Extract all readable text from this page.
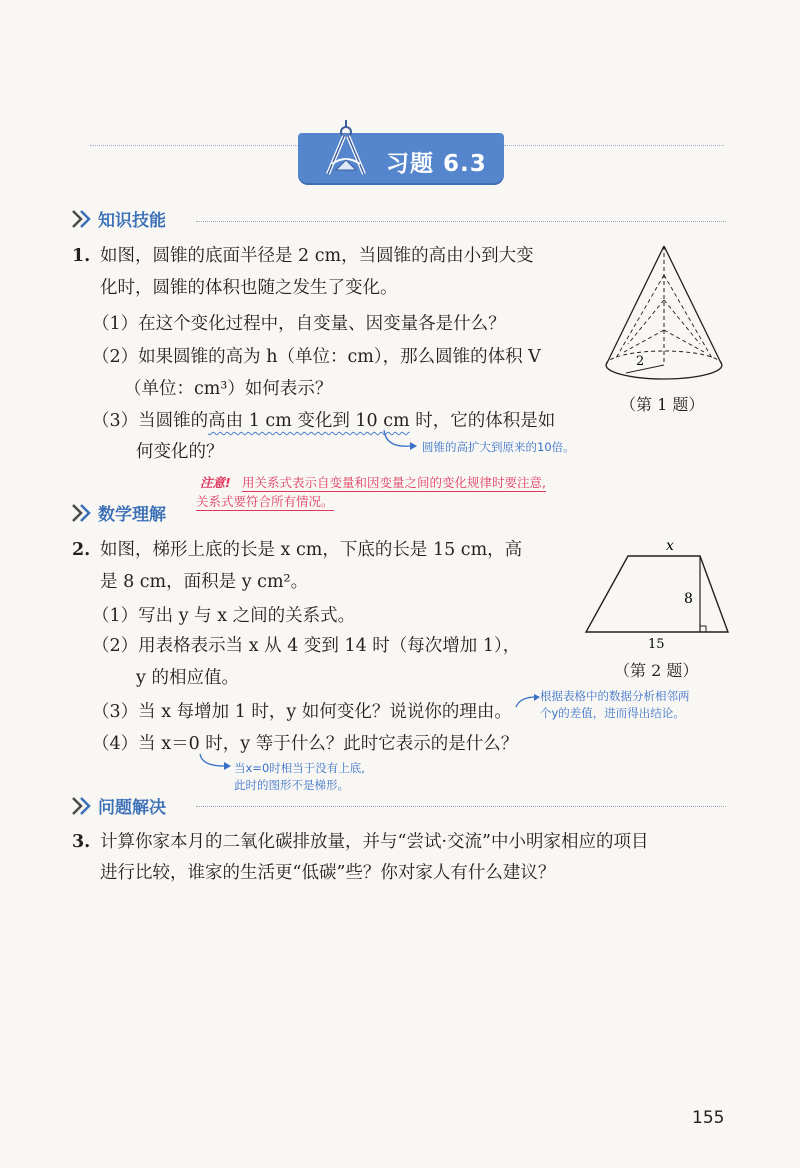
习题 6.3
知识技能
1. 如图，圆锥的底面半径是 2 cm，当圆锥的高由小到大变
化时，圆锥的体积也随之发生了变化。
（1）在这个变化过程中，自变量、因变量各是什么？
（2）如果圆锥的高为 h（单位：cm），那么圆锥的体积 V
（单位：cm³）如何表示？
（3）当圆锥的高由 1 cm 变化到 10 cm 时，它的体积是如
何变化的？	圆锥的高扩大到原来的10倍。
2
（第 1 题）
注意! 用关系式表示自变量和因变量之间的变化规律时要注意,
关系式要符合所有情况。
数学理解
2. 如图，梯形上底的长是 x cm，下底的长是 15 cm，高
是 8 cm，面积是 y cm²。
（1）写出 y 与 x 之间的关系式。
（2）用表格表示当 x 从 4 变到 14 时（每次增加 1），
y 的相应值。
（3）当 x 每增加 1 时，y 如何变化？说说你的理由。
（4）当 x＝0 时，y 等于什么？此时它表示的是什么？
根据表格中的数据分析相邻两
个y的差值，进而得出结论。
当x=0时相当于没有上底,
此时的图形不是梯形。
x
8
15
（第 2 题）
问题解决
3. 计算你家本月的二氧化碳排放量，并与“尝试·交流”中小明家相应的项目
进行比较，谁家的生活更“低碳”些？你对家人有什么建议？
155
